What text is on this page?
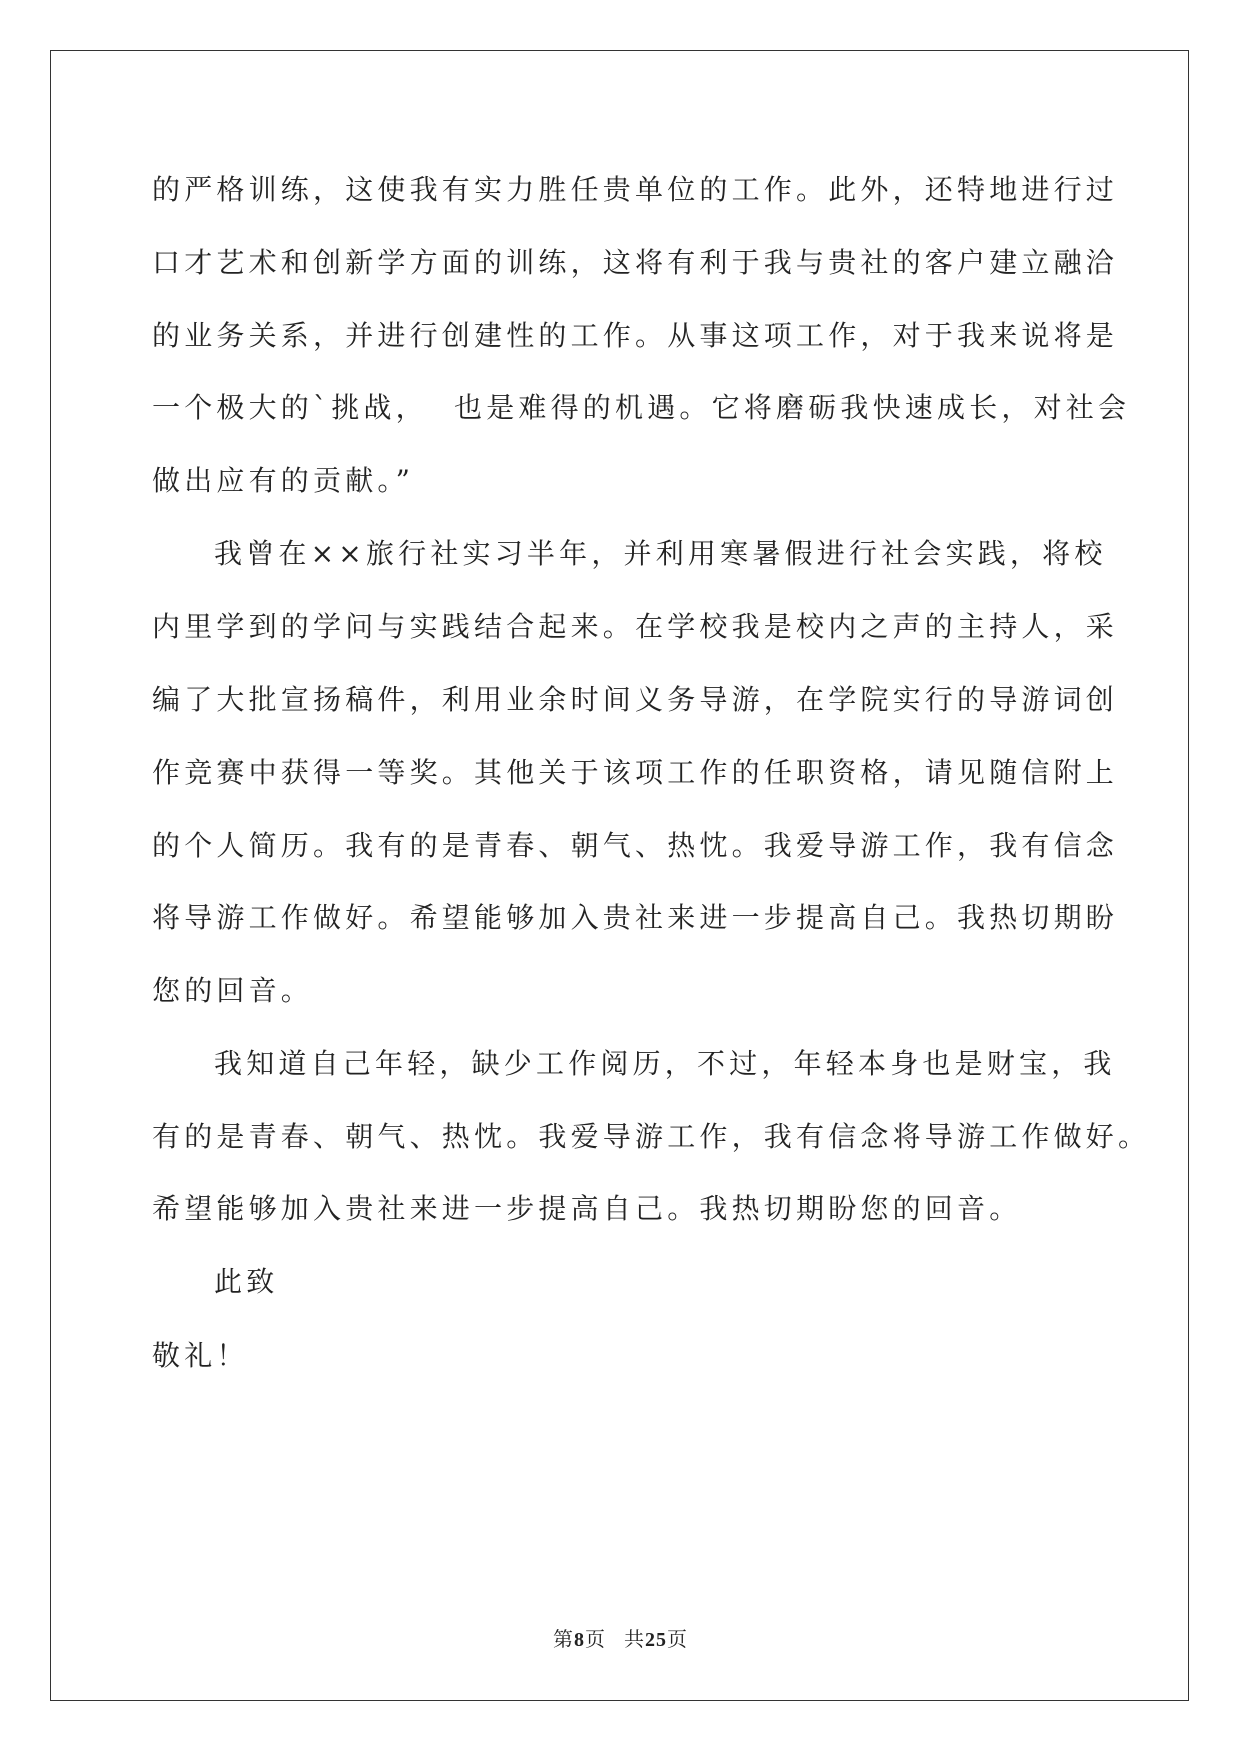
的严格训练，这使我有实力胜任贵单位的工作。此外，还特地进行过
口才艺术和创新学方面的训练，这将有利于我与贵社的客户建立融洽
的业务关系，并进行创建性的工作。从事这项工作，对于我来说将是
一个极大的`挑战，  也是难得的机遇。它将磨砺我快速成长，对社会
做出应有的贡献。”
我曾在××旅行社实习半年，并利用寒暑假进行社会实践，将校
内里学到的学问与实践结合起来。在学校我是校内之声的主持人，采
编了大批宣扬稿件，利用业余时间义务导游，在学院实行的导游词创
作竞赛中获得一等奖。其他关于该项工作的任职资格，请见随信附上
的个人简历。我有的是青春、朝气、热忱。我爱导游工作，我有信念
将导游工作做好。希望能够加入贵社来进一步提高自己。我热切期盼
您的回音。
我知道自己年轻，缺少工作阅历，不过，年轻本身也是财宝，我
有的是青春、朝气、热忱。我爱导游工作，我有信念将导游工作做好。
希望能够加入贵社来进一步提高自己。我热切期盼您的回音。
此致
敬礼！
第8页 共25页
